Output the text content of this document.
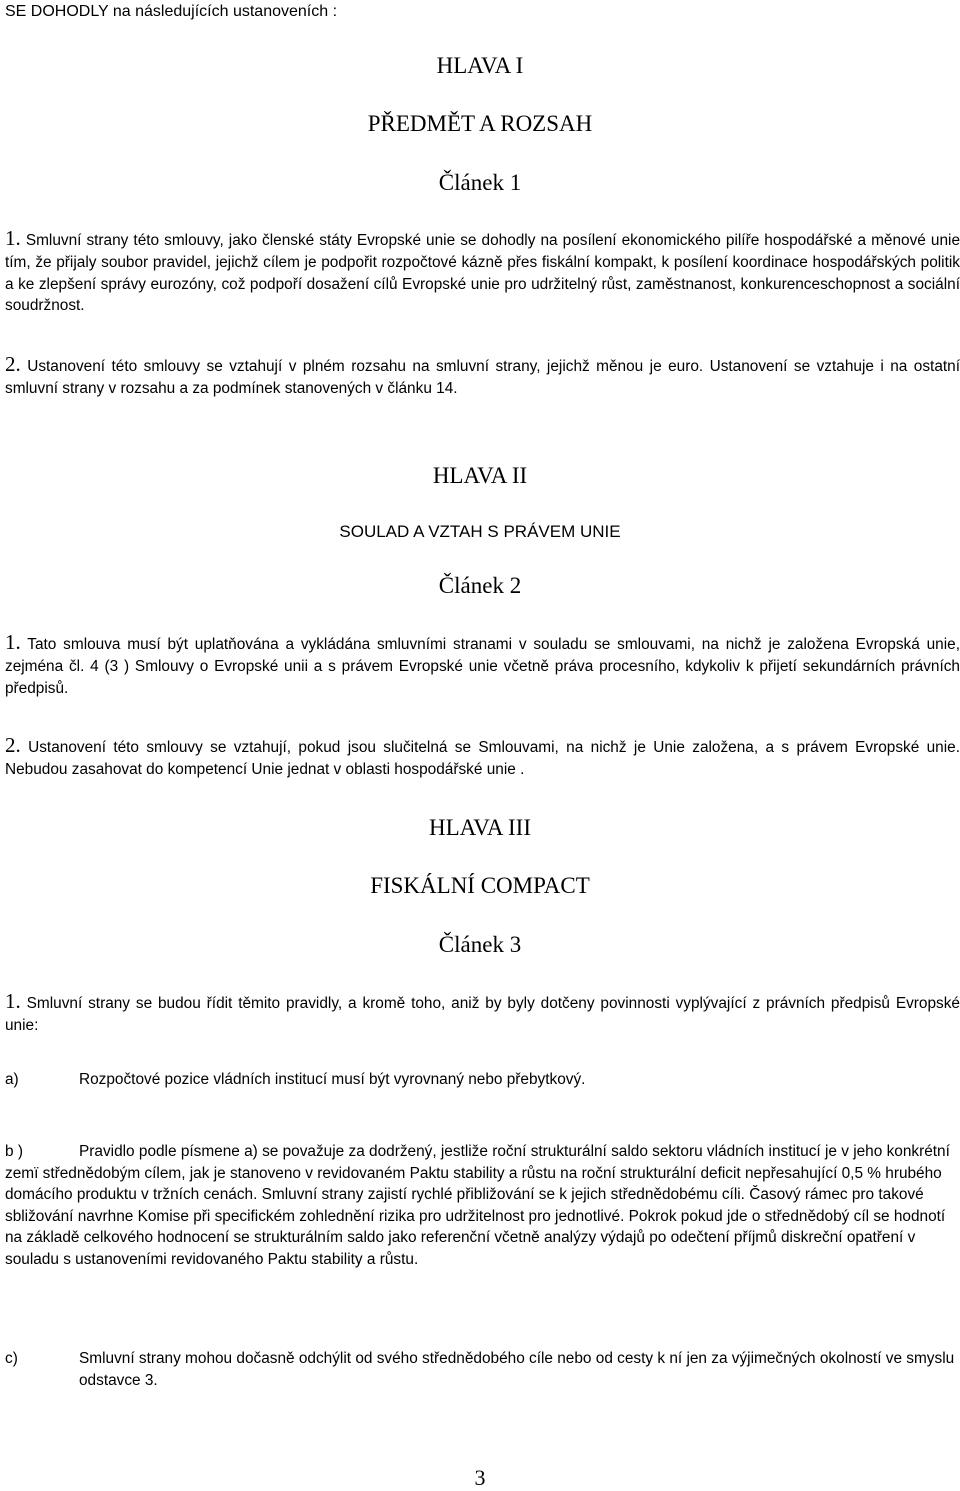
SE DOHODLY na následujících ustanoveních :
HLAVA I
PŘEDMĚT A ROZSAH
Článek 1
1. Smluvní strany této smlouvy, jako členské státy Evropské unie se dohodly na posílení ekonomického pilíře hospodářské a měnové unie tím, že přijaly soubor pravidel, jejichž cílem je podpořit rozpočtové kázně přes fiskální kompakt, k posílení koordinace hospodářských politik a ke zlepšení správy eurozóny, což podpoří dosažení cílů Evropské unie pro udržitelný růst, zaměstnanost, konkurenceschopnost a sociální soudržnost.
2. Ustanovení této smlouvy se vztahují v plném rozsahu na smluvní strany, jejichž měnou je euro. Ustanovení se vztahuje i na ostatní smluvní strany v rozsahu a za podmínek stanovených v článku 14.
HLAVA II
SOULAD A VZTAH S PRÁVEM UNIE
Článek 2
1. Tato smlouva musí být uplatňována a vykládána smluvními stranami v souladu se smlouvami, na nichž je založena Evropská unie, zejména čl. 4 (3 ) Smlouvy o Evropské unii a s právem Evropské unie včetně práva procesního, kdykoliv k přijetí sekundárních právních předpisů.
2. Ustanovení této smlouvy se vztahují, pokud jsou slučitelná se Smlouvami, na nichž je Unie založena, a s právem Evropské unie. Nebudou zasahovat do kompetencí Unie jednat v oblasti hospodářské unie .
HLAVA III
FISKÁLNÍ COMPACT
Článek 3
1. Smluvní strany se budou řídit těmito pravidly, a kromě toho, aniž by byly dotčeny povinnosti vyplývající z právních předpisů Evropské unie:
a)	Rozpočtové pozice vládních institucí musí být vyrovnaný nebo přebytkový.
b )	Pravidlo podle písmene a) se považuje za dodržený, jestliže roční strukturální saldo sektoru vládních institucí je v jeho konkrétní zemï střednědobým cílem, jak je stanoveno v revidovaném Paktu stability a růstu na roční strukturální deficit nepřesahující 0,5 % hrubého domácího produktu v tržních cenách. Smluvní strany zajistí rychlé přibližování se k jejich střednědobému cíli. Časový rámec pro takové sbližování navrhne Komise při specifickém zohlednění rizika pro udržitelnost pro jednotlivé. Pokrok pokud jde o střednědobý cíl se hodnotí na základě celkového hodnocení se strukturálním saldo jako referenční včetně analýzy výdajů po odečtení příjmů diskreční opatření v souladu s ustanoveními revidovaného Paktu stability a růstu.
c)	Smluvní strany mohou dočasně odchýlit od svého střednědobého cíle nebo od cesty k ní jen za výjimečných okolností ve smyslu odstavce 3.
3
